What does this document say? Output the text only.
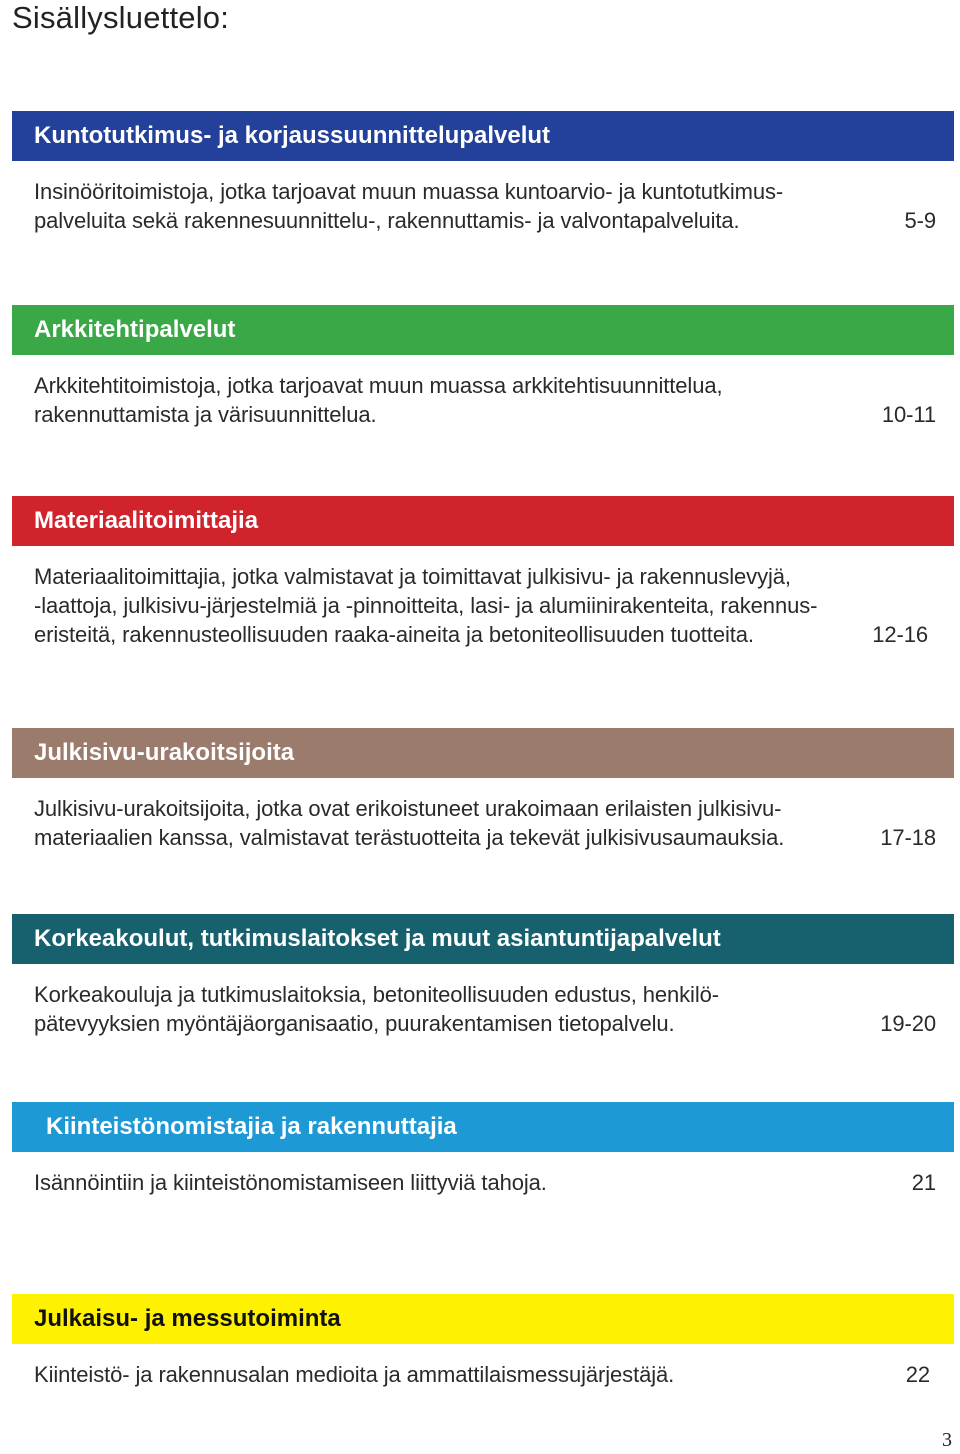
Sisällysluettelo:
Kuntotutkimus- ja korjaussuunnittelupalvelut
Insinööritoimistoja, jotka tarjoavat muun muassa kuntoarvio- ja kuntotutkimus-
palveluita sekä rakennesuunnittelu-, rakennuttamis- ja valvontapalveluita.	5-9
Arkkitehtipalvelut
Arkkitehtitoimistoja, jotka tarjoavat muun muassa arkkitehtisuunnittelua,
rakennuttamista ja värisuunnittelua.	10-11
Materiaalitoimittajia
Materiaalitoimittajia, jotka valmistavat ja toimittavat julkisivu- ja rakennuslevyjä,
-laattoja, julkisivu-järjestelmiä ja -pinnoitteita, lasi- ja alumiinirakenteita, rakennus-
eristeitä, rakennusteollisuuden raaka-aineita ja betoniteollisuuden tuotteita.	12-16
Julkisivu-urakoitsijoita
Julkisivu-urakoitsijoita, jotka ovat erikoistuneet urakoimaan erilaisten julkisivu-
materiaalien kanssa, valmistavat terästuotteita ja tekevät julkisivusaumauksia.	17-18
Korkeakoulut, tutkimuslaitokset ja muut asiantuntijapalvelut
Korkeakouluja ja tutkimuslaitoksia, betoniteollisuuden edustus, henkilö-
pätevyyksien myöntäjäorganisaatio, puurakentamisen tietopalvelu.	19-20
Kiinteistönomistajia ja rakennuttajia
Isännöintiin ja kiinteistönomistamiseen liittyviä tahoja.	21
Julkaisu- ja messutoiminta
Kiinteistö- ja rakennusalan medioita ja ammattilaismessujärjestäjä.	22
3
